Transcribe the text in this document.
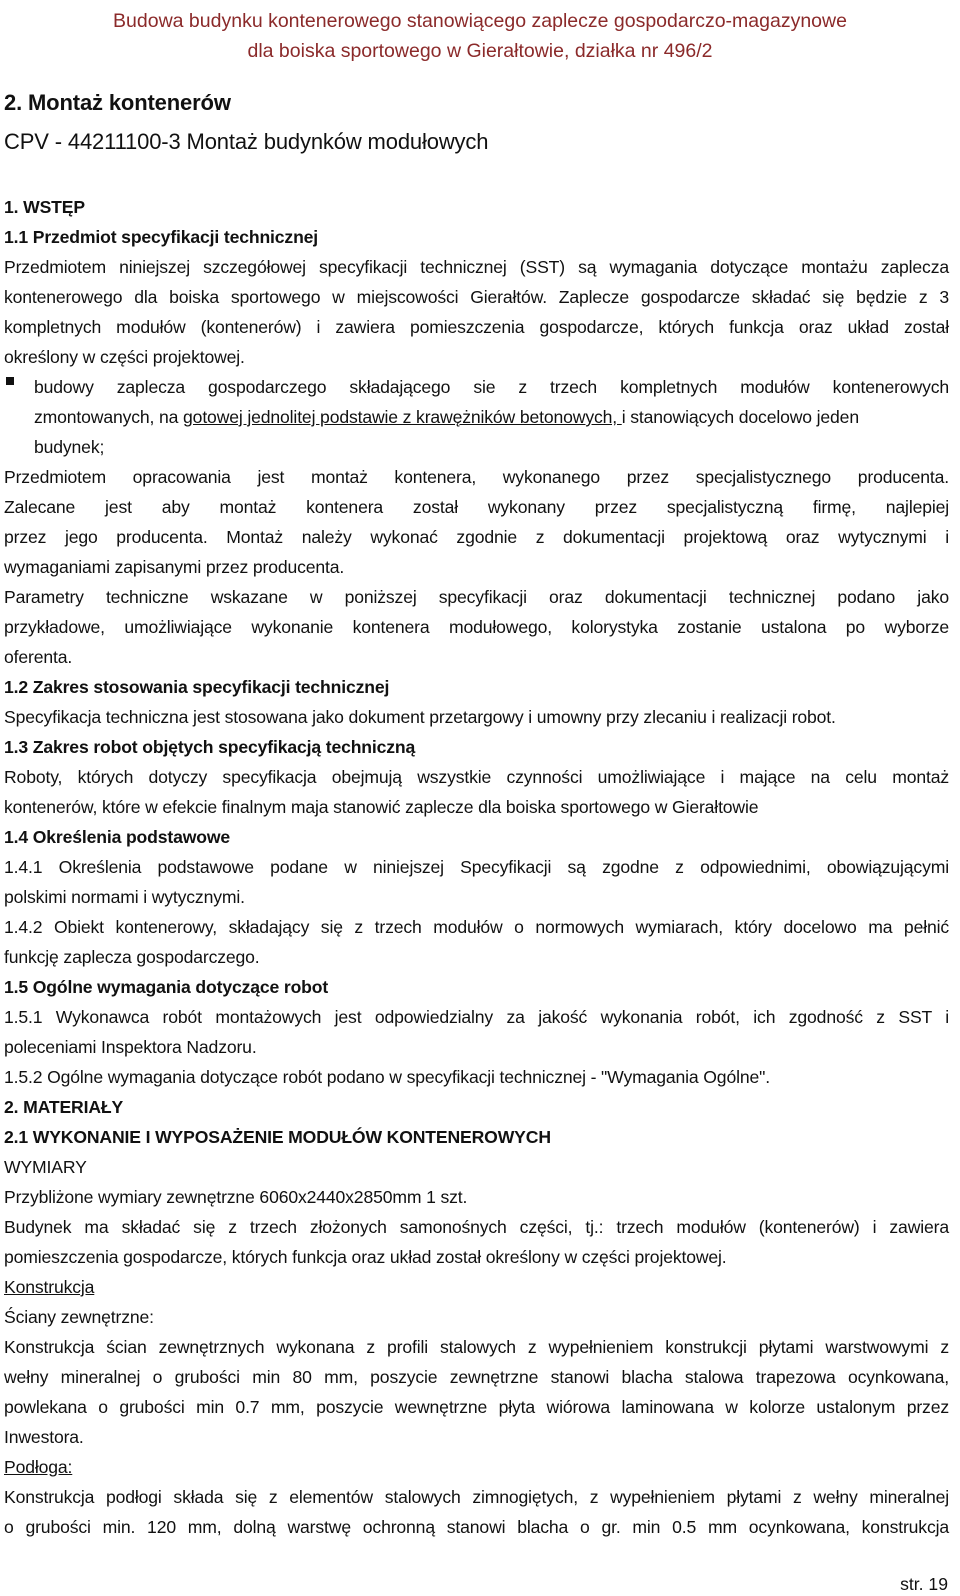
Budowa budynku kontenerowego stanowiącego zaplecze gospodarczo-magazynowe
dla boiska sportowego w Gierałtowie, działka nr 496/2
2. Montaż kontenerów
CPV - 44211100-3 Montaż budynków modułowych
1. WSTĘP
1.1 Przedmiot specyfikacji technicznej
Przedmiotem niniejszej szczegółowej specyfikacji technicznej (SST) są wymagania dotyczące montażu zaplecza
kontenerowego dla boiska sportowego w miejscowości Gierałtów. Zaplecze gospodarcze składać się będzie z 3
kompletnych modułów (kontenerów) i zawiera pomieszczenia gospodarcze, których funkcja oraz układ został
określony w części projektowej.
budowy zaplecza gospodarczego składającego sie z trzech kompletnych modułów kontenerowych
zmontowanych, na gotowej jednolitej podstawie z krawężników betonowych, i stanowiących docelowo jeden
budynek;
Przedmiotem opracowania jest montaż kontenera, wykonanego przez specjalistycznego producenta.
Zalecane jest aby montaż kontenera został wykonany przez specjalistyczną firmę, najlepiej
przez jego producenta. Montaż należy wykonać zgodnie z dokumentacji projektową oraz wytycznymi i
wymaganiami zapisanymi przez producenta.
Parametry techniczne wskazane w poniższej specyfikacji oraz dokumentacji technicznej podano jako
przykładowe, umożliwiające wykonanie kontenera modułowego, kolorystyka zostanie ustalona po wyborze
oferenta.
1.2 Zakres stosowania specyfikacji technicznej
Specyfikacja techniczna jest stosowana jako dokument przetargowy i umowny przy zlecaniu i realizacji robot.
1.3 Zakres robot objętych specyfikacją techniczną
Roboty, których dotyczy specyfikacja obejmują wszystkie czynności umożliwiające i mające na celu montaż
kontenerów, które w efekcie finalnym maja stanowić zaplecze dla boiska sportowego w Gierałtowie
1.4 Określenia podstawowe
1.4.1 Określenia podstawowe podane w niniejszej Specyfikacji są zgodne z odpowiednimi, obowiązującymi
polskimi normami i wytycznymi.
1.4.2 Obiekt kontenerowy, składający się z trzech modułów o normowych wymiarach, który docelowo ma pełnić
funkcję zaplecza gospodarczego.
1.5 Ogólne wymagania dotyczące robot
1.5.1 Wykonawca robót montażowych jest odpowiedzialny za jakość wykonania robót, ich zgodność z SST i
poleceniami Inspektora Nadzoru.
1.5.2 Ogólne wymagania dotyczące robót podano w specyfikacji technicznej - "Wymagania Ogólne".
2. MATERIAŁY
2.1 WYKONANIE I WYPOSAŻENIE MODUŁÓW KONTENEROWYCH
WYMIARY
Przybliżone wymiary zewnętrzne 6060x2440x2850mm 1 szt.
Budynek ma składać się z trzech złożonych samonośnych części, tj.: trzech modułów (kontenerów) i zawiera
pomieszczenia gospodarcze, których funkcja oraz układ został określony w części projektowej.
Konstrukcja
Ściany zewnętrzne:
Konstrukcja ścian zewnętrznych wykonana z profili stalowych z wypełnieniem konstrukcji płytami warstwowymi z
wełny mineralnej o grubości min 80 mm, poszycie zewnętrzne stanowi blacha stalowa trapezowa ocynkowana,
powlekana o grubości min 0.7 mm, poszycie wewnętrzne płyta wiórowa laminowana w kolorze ustalonym przez
Inwestora.
Podłoga:
Konstrukcja podłogi składa się z elementów stalowych zimnogiętych, z wypełnieniem płytami z wełny mineralnej
o grubości min. 120 mm, dolną warstwę ochronną stanowi blacha o gr. min 0.5 mm ocynkowana, konstrukcja
str. 19
